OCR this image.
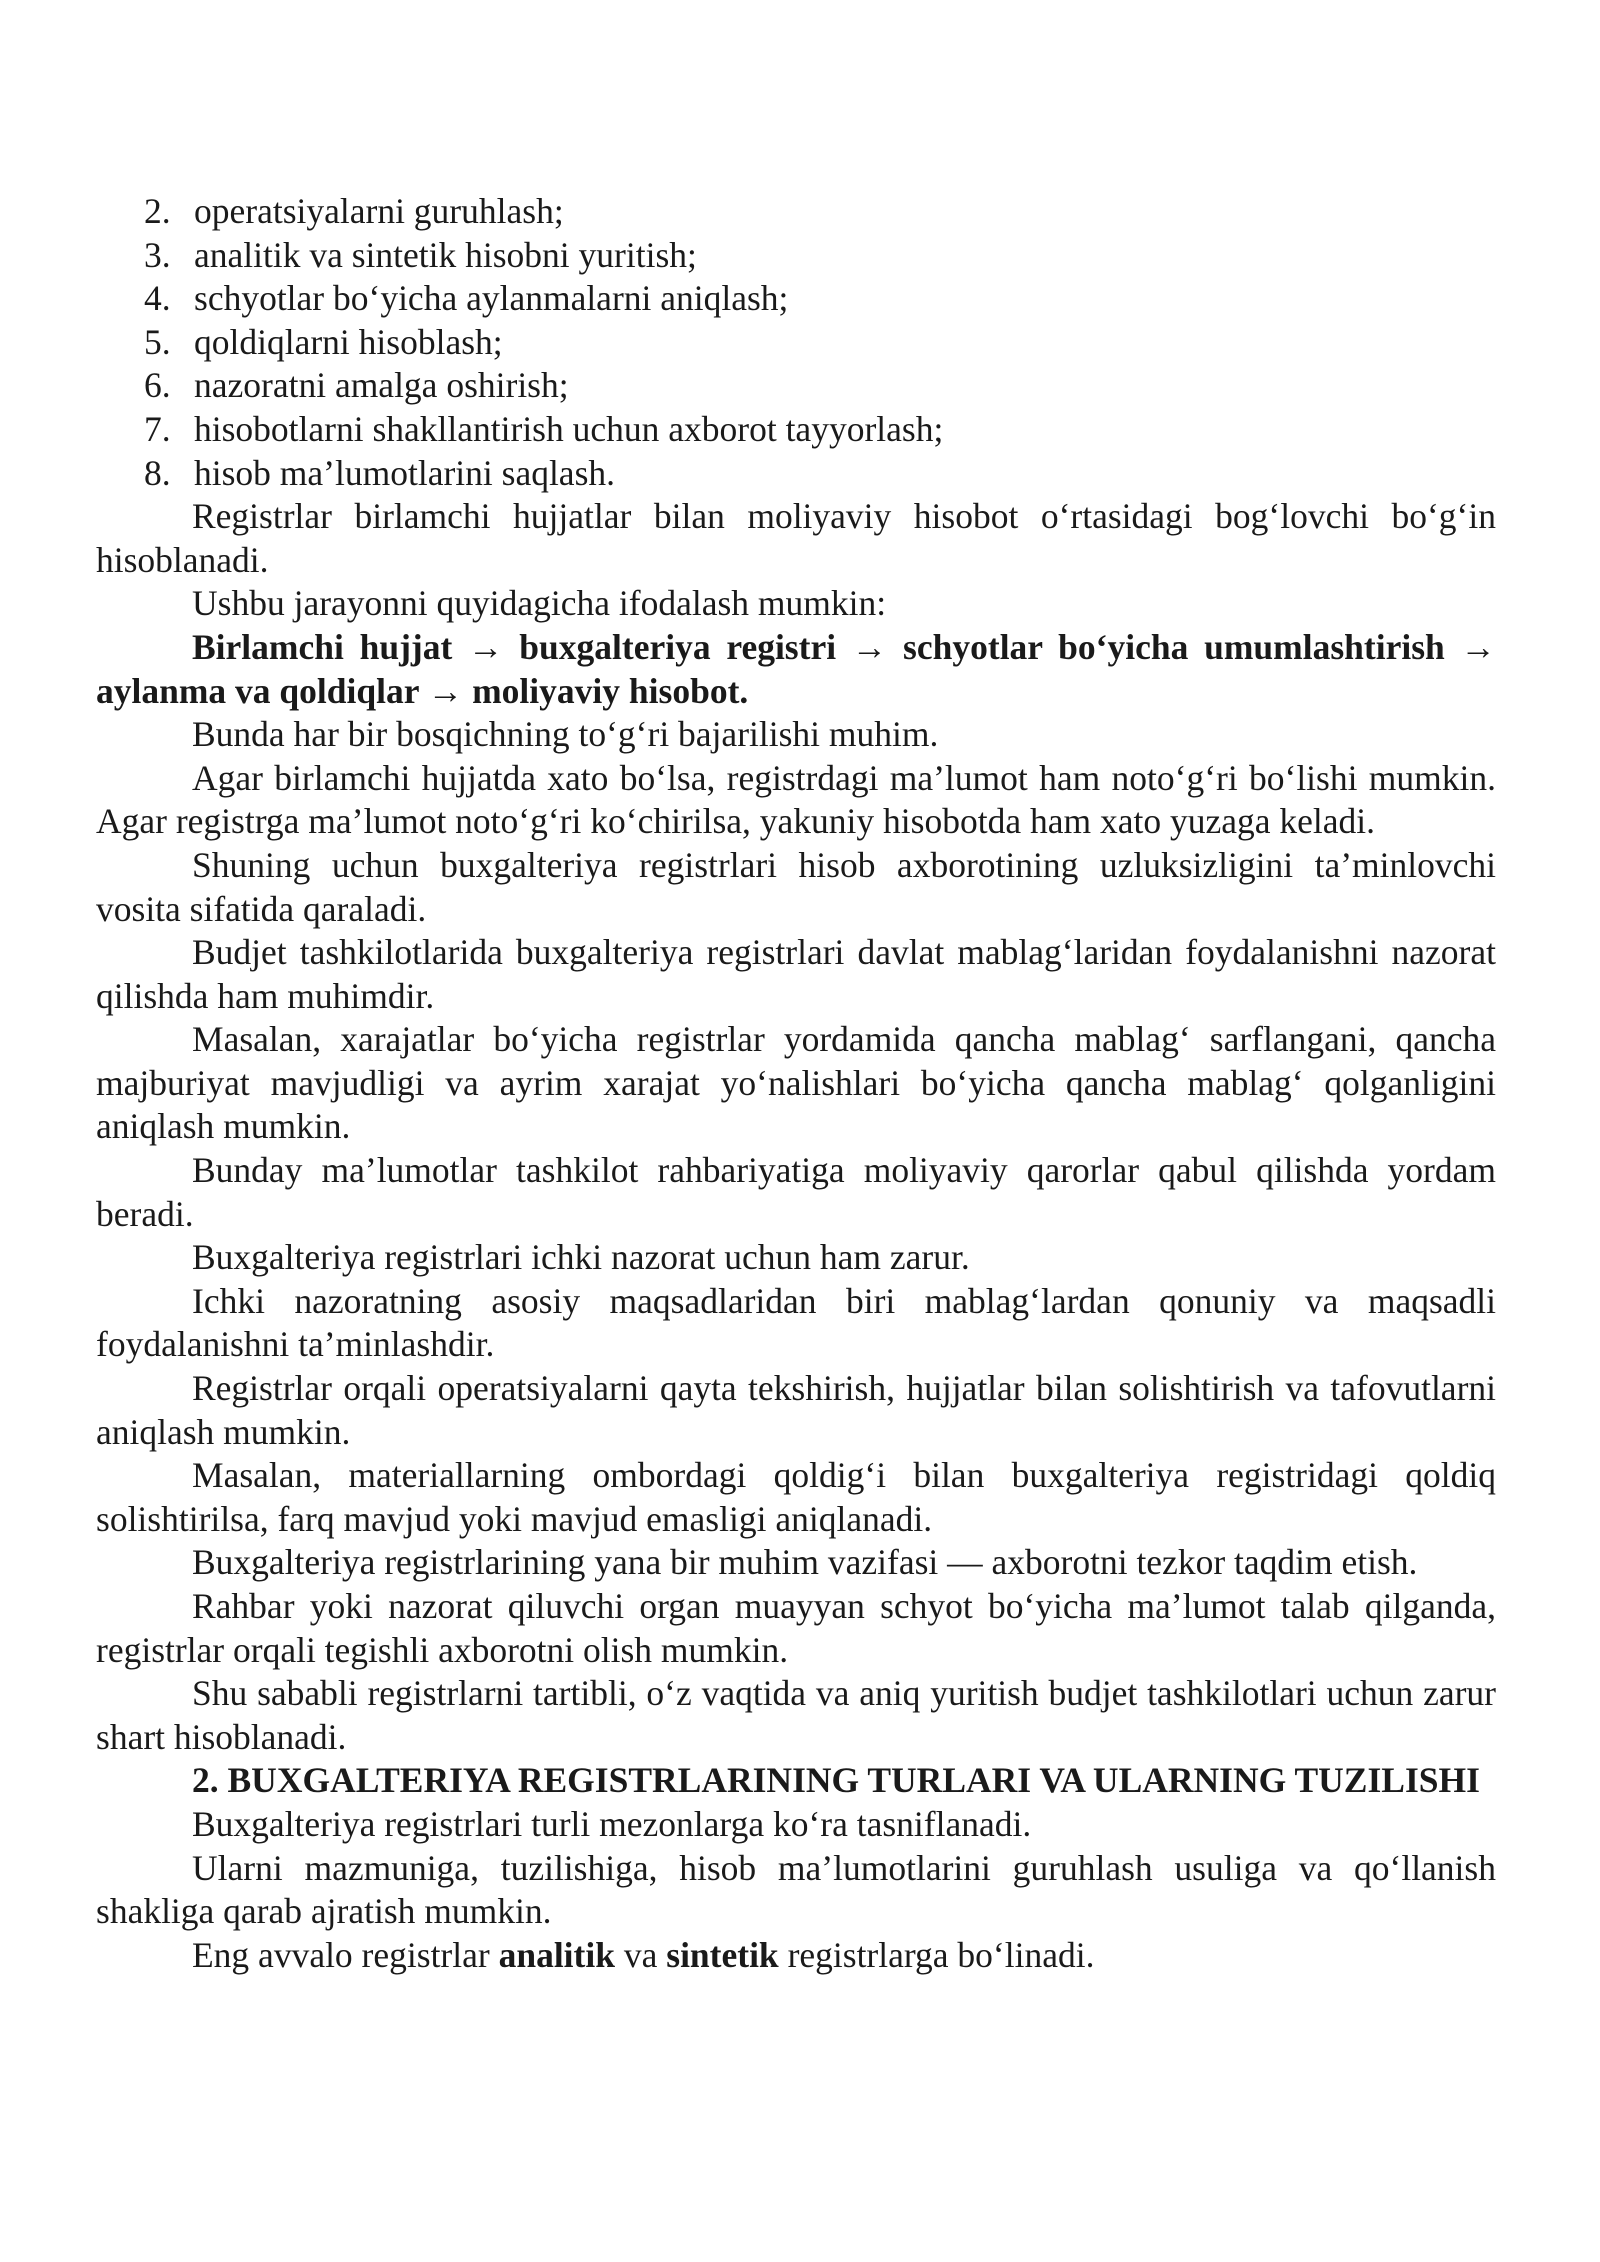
2. operatsiyalarni guruhlash;
3. analitik va sintetik hisobni yuritish;
4. schyotlar bo‘yicha aylanmalarni aniqlash;
5. qoldiqlarni hisoblash;
6. nazoratni amalga oshirish;
7. hisobotlarni shakllantirish uchun axborot tayyorlash;
8. hisob ma’lumotlarini saqlash.

Registrlar birlamchi hujjatlar bilan moliyaviy hisobot o‘rtasidagi bog‘lovchi bo‘g‘in hisoblanadi.

Ushbu jarayonni quyidagicha ifodalash mumkin:

Birlamchi hujjat → buxgalteriya registri → schyotlar bo‘yicha umumlashtirish → aylanma va qoldiqlar → moliyaviy hisobot.

Bunda har bir bosqichning to‘g‘ri bajarilishi muhim.

Agar birlamchi hujjatda xato bo‘lsa, registrdagi ma’lumot ham noto‘g‘ri bo‘lishi mumkin. Agar registrga ma’lumot noto‘g‘ri ko‘chirilsa, yakuniy hisobotda ham xato yuzaga keladi.

Shuning uchun buxgalteriya registrlari hisob axborotining uzluksizligini ta’minlovchi vosita sifatida qaraladi.

Budjet tashkilotlarida buxgalteriya registrlari davlat mablag‘laridan foydalanishni nazorat qilishda ham muhimdir.

Masalan, xarajatlar bo‘yicha registrlar yordamida qancha mablag‘ sarflangani, qancha majburiyat mavjudligi va ayrim xarajat yo‘nalishlari bo‘yicha qancha mablag‘ qolganligini aniqlash mumkin.

Bunday ma’lumotlar tashkilot rahbariyatiga moliyaviy qarorlar qabul qilishda yordam beradi.

Buxgalteriya registrlari ichki nazorat uchun ham zarur.

Ichki nazoratning asosiy maqsadlaridan biri mablag‘lardan qonuniy va maqsadli foydalanishni ta’minlashdir.

Registrlar orqali operatsiyalarni qayta tekshirish, hujjatlar bilan solishtirish va tafovutlarni aniqlash mumkin.

Masalan, materiallarning ombordagi qoldig‘i bilan buxgalteriya registridagi qoldiq solishtirilsa, farq mavjud yoki mavjud emasligi aniqlanadi.

Buxgalteriya registrlarining yana bir muhim vazifasi — axborotni tezkor taqdim etish.

Rahbar yoki nazorat qiluvchi organ muayyan schyot bo‘yicha ma’lumot talab qilganda, registrlar orqali tegishli axborotni olish mumkin.

Shu sababli registrlarni tartibli, o‘z vaqtida va aniq yuritish budjet tashkilotlari uchun zarur shart hisoblanadi.

2. BUXGALTERIYA REGISTRLARINING TURLARI VA ULARNING TUZILISHI

Buxgalteriya registrlari turli mezonlarga ko‘ra tasniflanadi.

Ularni mazmuniga, tuzilishiga, hisob ma’lumotlarini guruhlash usuliga va qo‘llanish shakliga qarab ajratish mumkin.

Eng avvalo registrlar analitik va sintetik registrlarga bo‘linadi.
